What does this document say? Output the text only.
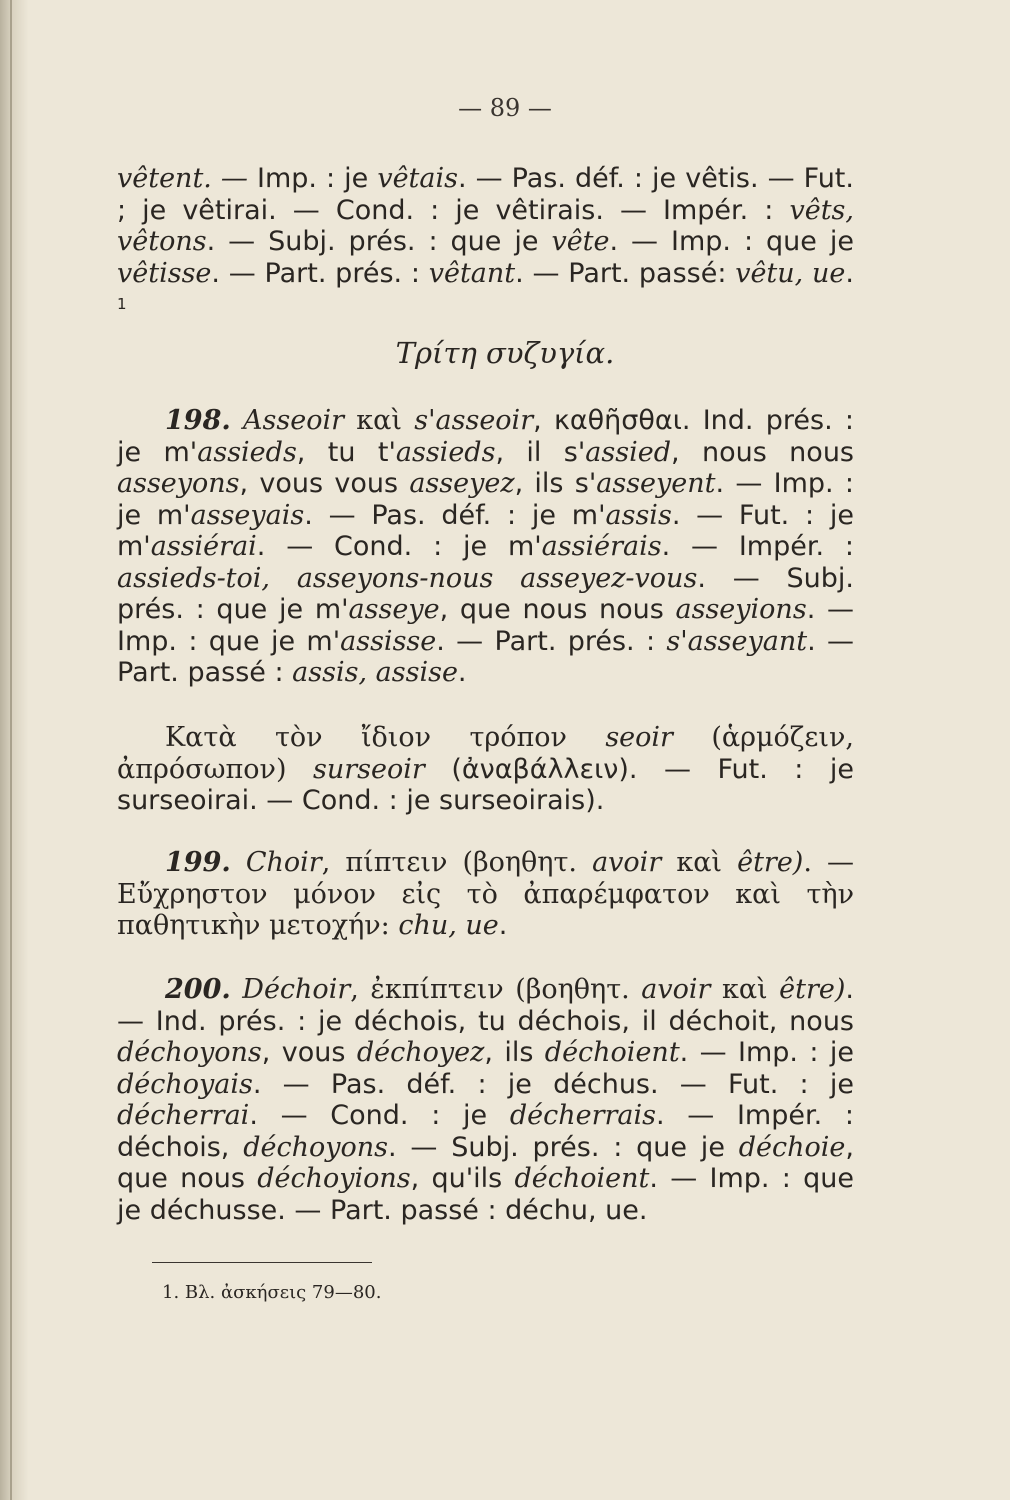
— 89 —
vêtent. — Imp. : je vêtais. — Pas. déf. : je vêtis. — Fut. ; je vêtirai. — Cond. : je vêtirais. — Impér. : vêts, vêtons. — Subj. prés. : que je vête. — Imp. : que je vêtisse. — Part. prés. : vêtant. — Part. passé: vêtu, ue. $^1$
Τρίτη συζυγία.
198. Asseoir καὶ s'asseoir, καθῆσθαι. Ind. prés. : je m'assieds, tu t'assieds, il s'assied, nous nous asseyons, vous vous asseyez, ils s'asseyent. — Imp. : je m'asseyais. — Pas. déf. : je m'assis. — Fut. : je m'assiérai. — Cond. : je m'assiérais. — Impér. : assieds-toi, asseyons-nous asseyez-vous. — Subj. prés. : que je m'asseye, que nous nous asseyions. — Imp. : que je m'assisse. — Part. prés. : s'asseyant. — Part. passé : assis, assise.
Κατὰ τὸν ἴδιον τρόπον seoir (ἁρμόζειν, ἀπρόσωπον) surseoir (ἀναβάλλειν). — Fut. : je surseoirai. — Cond. : je surseoirais).
199. Choir, πίπτειν (βοηθητ. avoir καὶ être). — Εὔχρηστον μόνον εἰς τὸ ἀπαρέμφατον καὶ τὴν παθητικὴν μετοχήν: chu, ue.
200. Déchoir, ἐκπίπτειν (βοηθητ. avoir καὶ être). — Ind. prés. : je déchois, tu déchois, il déchoit, nous déchoyons, vous déchoyez, ils déchoient. — Imp. : je déchoyais. — Pas. déf. : je déchus. — Fut. : je décherrai. — Cond. : je décherrais. — Impér. : déchois, déchoyons. — Subj. prés. : que je déchoie, que nous déchoyions, qu'ils déchoient. — Imp. : que je déchusse. — Part. passé : déchu, ue.
1. Βλ. ἀσκήσεις 79—80.
